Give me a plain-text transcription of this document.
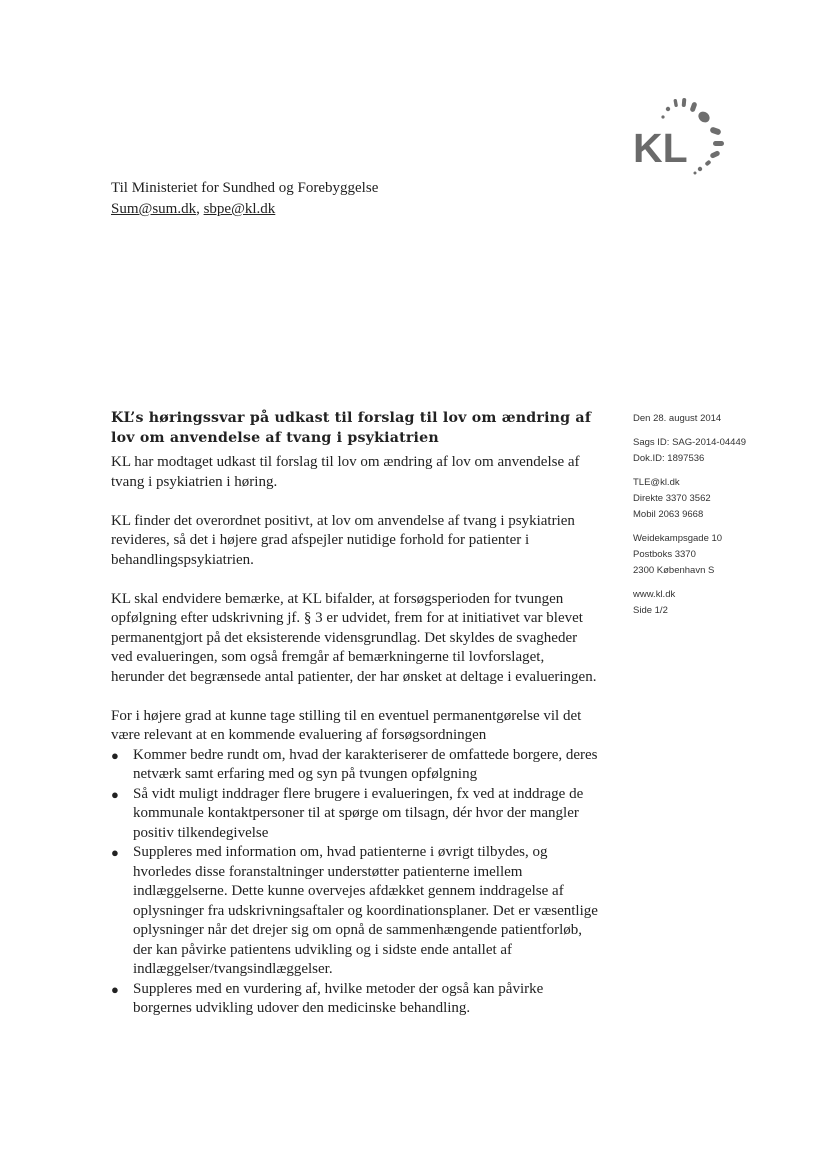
KL
Til Ministeriet for Sundhed og Forebyggelse
Sum@sum.dk, sbpe@kl.dk
Den 28. august 2014
Sags ID: SAG-2014-04449
Dok.ID: 1897536
TLE@kl.dk
Direkte 3370 3562
Mobil 2063 9668
Weidekampsgade 10
Postboks 3370
2300 København S
www.kl.dk
Side 1/2
KL’s høringssvar på udkast til forslag til lov om ændring af lov om anvendelse af tvang i psykiatrien

KL har modtaget udkast til forslag til lov om ændring af lov om anvendelse af tvang i psykiatrien i høring.

KL finder det overordnet positivt, at lov om anvendelse af tvang i psykiatrien revideres, så det i højere grad afspejler nutidige forhold for patienter i behandlingspsykiatrien.

KL skal endvidere bemærke, at KL bifalder, at forsøgsperioden for tvungen opfølgning efter udskrivning jf. § 3 er udvidet, frem for at initiativet var blevet permanentgjort på det eksisterende vidensgrundlag. Det skyldes de svagheder ved evalueringen, som også fremgår af bemærkningerne til lovforslaget, herunder det begrænsede antal patienter, der har ønsket at deltage i evalueringen.

For i højere grad at kunne tage stilling til en eventuel permanentgørelse vil det være relevant at en kommende evaluering af forsøgsordningen

● Kommer bedre rundt om, hvad der karakteriserer de omfattede borgere, deres netværk samt erfaring med og syn på tvungen opfølgning
● Så vidt muligt inddrager flere brugere i evalueringen, fx ved at inddrage de kommunale kontaktpersoner til at spørge om tilsagn, dér hvor der mangler positiv tilkendegivelse
● Suppleres med information om, hvad patienterne i øvrigt tilbydes, og hvorledes disse foranstaltninger understøtter patienterne imellem indlæggelserne. Dette kunne overvejes afdækket gennem inddragelse af oplysninger fra udskrivningsaftaler og koordinationsplaner. Det er væsentlige oplysninger når det drejer sig om opnå de sammenhængende patientforløb, der kan påvirke patientens udvikling og i sidste ende antallet af indlæggelser/tvangsindlæggelser.
● Suppleres med en vurdering af, hvilke metoder der også kan påvirke borgernes udvikling udover den medicinske behandling.
